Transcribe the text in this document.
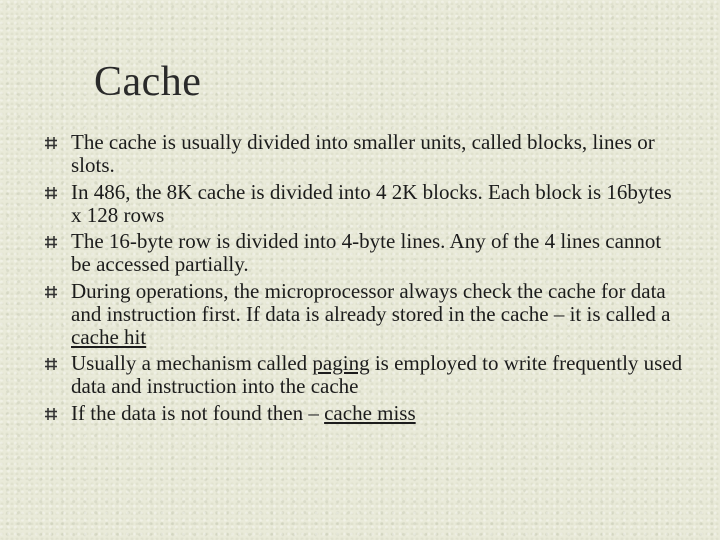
Cache
The cache is usually divided into smaller units, called blocks, lines or slots.
In 486, the 8K cache is divided into 4 2K blocks. Each block is 16bytes x 128 rows
The 16-byte row is divided into 4-byte lines. Any of the 4 lines cannot be accessed partially.
During operations, the microprocessor always check the cache for data and instruction first. If data is already stored in the cache – it is called a cache hit
Usually a mechanism called paging is employed to write frequently used data and instruction into the cache
If the data is not found then – cache miss
